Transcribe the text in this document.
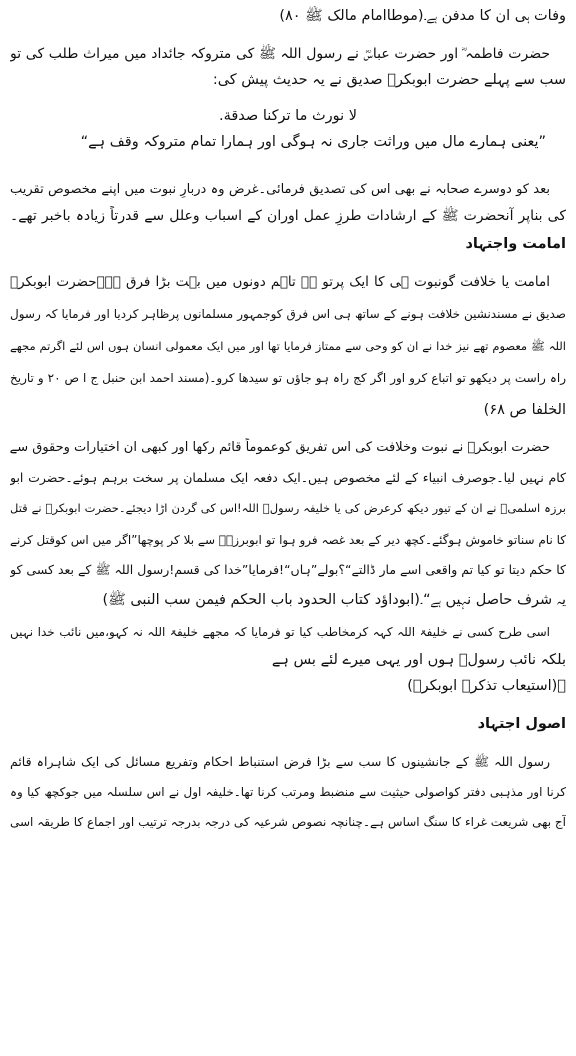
وفات ہی ان کا مدفن ہے۔(موطاامام مالک ﷺ ۸۰)

حضرت فاطمہ ؓ اور حضرت عباسؓ نے رسول اللہ ﷺ کی متروکہ جائداد میں میراث طلب کی تو

سب سے پہلے حضرت ابوبکرؓ صدیق نے یہ حدیث پیش کی:

لا نورث ما ترکنا صدقة.

”یعنی ہمارے مال میں وراثت جاری نہ ہوگی اور ہمارا تمام متروکہ وقف ہے“

بعد کو دوسرے صحابہ نے بھی اس کی تصدیق فرمائی۔غرض وہ دربارِ نبوت میں اپنے مخصوص تقریب

کی بناپر آنحضرت ﷺ کے ارشادات طرزِ عمل اوران کے اسباب وعلل سے قدرتاً زیادہ باخبر تھے۔

امامت واجتہاد

امامت یا خلافت گونبوت ہی کا ایک پرتو ہے تاہم دونوں میں بہت بڑا فرق ہے۔حضرت ابوبکرؓ

صدیق نے مسندنشین خلافت ہونے کے ساتھ ہی اس فرق کوجمہور مسلمانوں پرظاہر کردیا اور فرمایا کہ رسول

اللہ ﷺ معصوم تھے نیز خدا نے ان کو وحی سے ممتاز فرمایا تھا اور میں ایک معمولی انسان ہوں اس لئے اگرتم مجھے

راہ راست پر دیکھو تو اتباع کرو اور اگر کج راہ ہو جاؤں تو سیدھا کرو۔(مسند احمد ابن حنبل ج ا ص ۲۰ و تاریخ

الخلفا ص ۶۸)

حضرت ابوبکرؓ نے نبوت وخلافت کی اس تفریق کوعموماً قائم رکھا اور کبھی ان اختیارات وحقوق سے

کام نہیں لیا۔جوصرف انبیاء کے لئے مخصوص ہیں۔ایک دفعہ ایک مسلمان پر سخت برہم ہوئے۔حضرت ابو

برزہ اسلمیؓ نے ان کے تیور دیکھ کرعرض کی یا خلیفہ رسولؐ اللہ!اس کی گردن اڑا دیجئے۔حضرت ابوبکرؓ نے قتل

کا نام سناتو خاموش ہوگئے۔کچھ دیر کے بعد غصہ فرو ہوا تو ابوبرزہؓ سے بلا کر پوچھا”اگر میں اس کوقتل کرنے

کا حکم دیتا تو کیا تم واقعی اسے مار ڈالتے“؟بولے”ہاں“!فرمایا”خدا کی قسم!رسول اللہ ﷺ کے بعد کسی کو

یہ شرف حاصل نہیں ہے“۔(ابوداؤد کتاب الحدود باب الحکم فیمن سب النبی ﷺ)

اسی طرح کسی نے خلیفۃ اللہ کہہ کرمخاطب کیا تو فرمایا کہ مجھے خلیفۃ اللہ نہ کہو،میں نائب خدا نہیں

بلکہ نائب رسولؐ ہوں اور یہی میرے لئے بس ہے

۔(استیعاب تذکرہ ابوبکرؓ)

اصول اجتہاد

رسول اللہ ﷺ کے جانشینوں کا سب سے بڑا فرض استنباط احکام وتفریع مسائل کی ایک شاہراہ قائم

کرنا اور مذہبی دفتر کواصولی حیثیت سے منضبط ومرتب کرنا تھا۔خلیفہ اول نے اس سلسلہ میں جوکچھ کیا وہ

آج بھی شریعت غراء کا سنگ اساس ہے۔چنانچہ نصوص شرعیہ کی درجہ بدرجہ ترتیب اور اجماع کا طریقہ اسی
